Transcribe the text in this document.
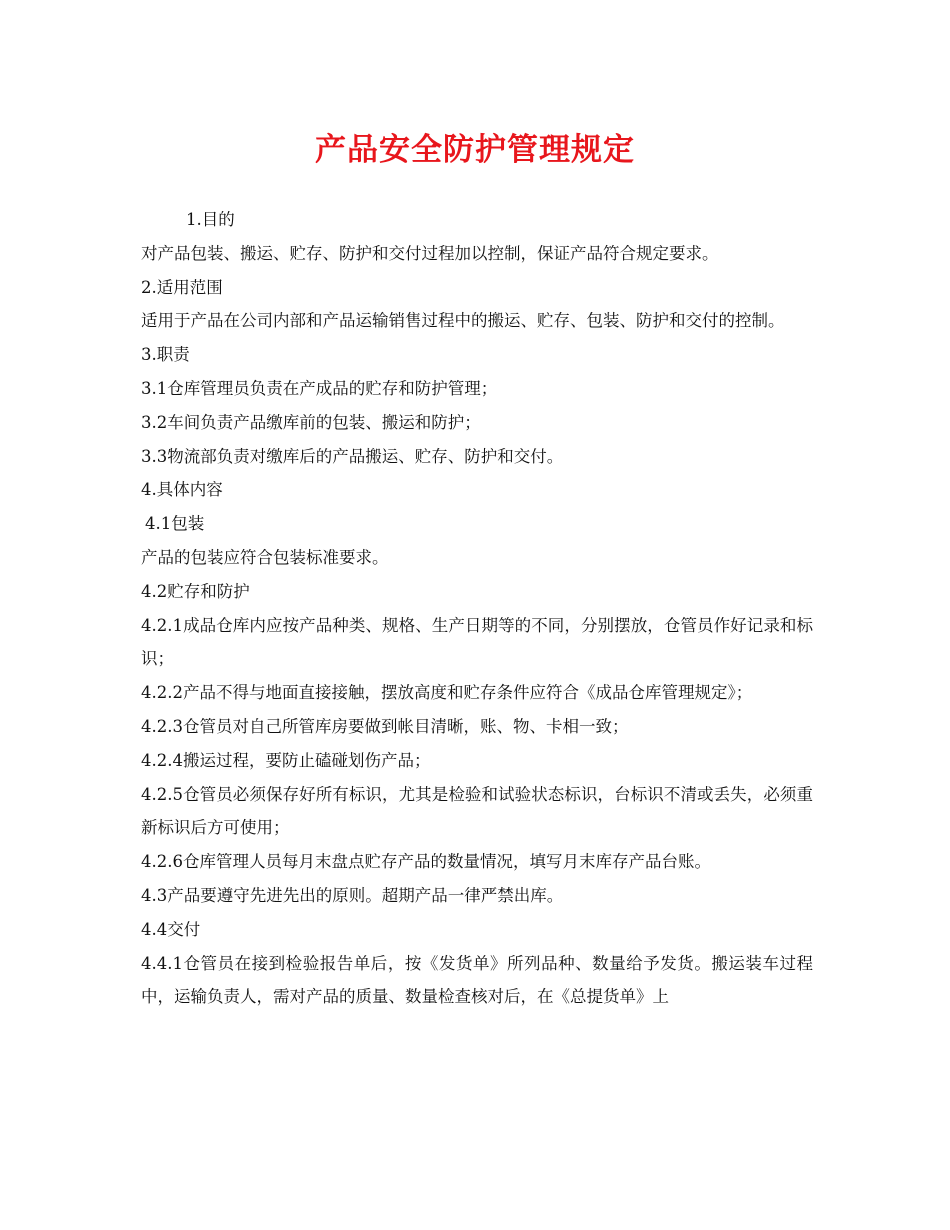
产品安全防护管理规定

1.目的

对产品包装、搬运、贮存、防护和交付过程加以控制，保证产品符合规定要求。

2.适用范围

适用于产品在公司内部和产品运输销售过程中的搬运、贮存、包装、防护和交付的控制。

3.职责

3.1仓库管理员负责在产成品的贮存和防护管理；

3.2车间负责产品缴库前的包装、搬运和防护；

3.3物流部负责对缴库后的产品搬运、贮存、防护和交付。

4.具体内容

4.1包装

产品的包装应符合包装标准要求。

4.2贮存和防护

4.2.1成品仓库内应按产品种类、规格、生产日期等的不同，分别摆放，仓管员作好记录和标识；

4.2.2产品不得与地面直接接触，摆放高度和贮存条件应符合《成品仓库管理规定》；

4.2.3仓管员对自己所管库房要做到帐目清晰，账、物、卡相一致；

4.2.4搬运过程，要防止磕碰划伤产品；

4.2.5仓管员必须保存好所有标识，尤其是检验和试验状态标识，台标识不清或丢失，必须重新标识后方可使用；

4.2.6仓库管理人员每月末盘点贮存产品的数量情况，填写月末库存产品台账。

4.3产品要遵守先进先出的原则。超期产品一律严禁出库。

4.4交付

4.4.1仓管员在接到检验报告单后，按《发货单》所列品种、数量给予发货。搬运装车过程中，运输负责人，需对产品的质量、数量检查核对后，在《总提货单》上
